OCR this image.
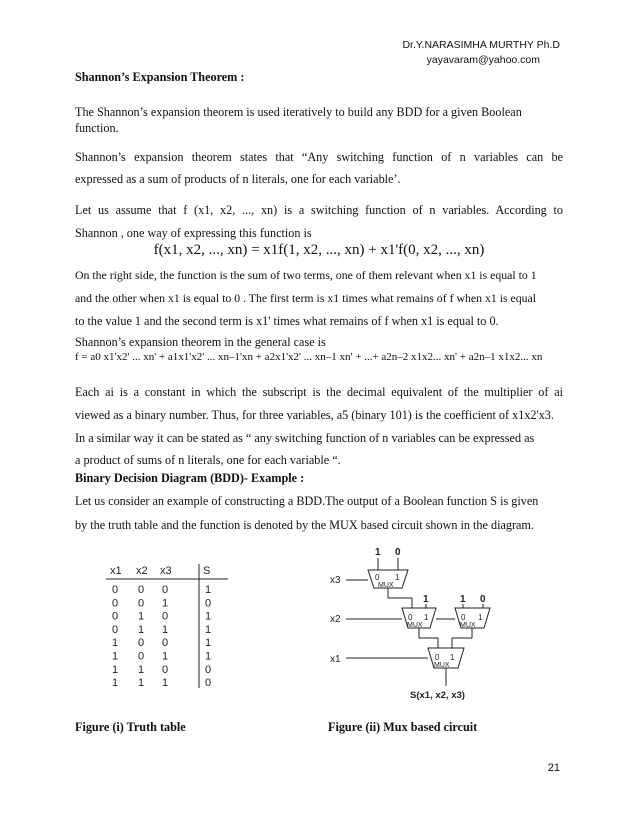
Dr.Y.NARASIMHA MURTHY Ph.D
yayavaram@yahoo.com

Shannon’s Expansion Theorem :

The Shannon’s expansion theorem is used iteratively to build any BDD for a given Boolean function.

Shannon’s expansion theorem states that “Any switching function of n variables can be

expressed as a sum of products of n literals, one for each variable’.

Let us assume that f (x1, x2, ..., xn) is a switching function of n variables. According to

Shannon , one way of expressing this function is

f(x1, x2, ..., xn) = x1f(1, x2, ..., xn) + x1'f(0, x2, ..., xn)

On the right side, the function is the sum of two terms, one of them relevant when x1 is equal to 1

and the other when x1 is equal to 0 . The first term is x1 times what remains of f when x1 is equal

to the value 1 and the second term is x1' times what remains of f when x1 is equal to 0.

Shannon’s expansion theorem in the general case is

f = a0 x1'x2' ... xn' + a1x1'x2' ... xn–1'xn + a2x1'x2' ... xn–1 xn' + ...+ a2n–2 x1x2... xn' + a2n–1 x1x2... xn

Each ai is a constant in which the subscript is the decimal equivalent of the multiplier of ai

viewed as a binary number. Thus, for three variables, a5 (binary 101) is the coefficient of x1x2'x3.

In a similar way it can be stated as “ any switching function of n variables can be expressed as

a product of sums of n literals, one for each variable “.

Binary Decision Diagram (BDD)- Example :

Let us consider an example of constructing a BDD.The output of a Boolean function S is given

by the truth table and the function is denoted by the MUX based circuit shown in the diagram.

Figure (i) Truth table	Figure (ii) Mux based circuit

x1 x2 x3	S
0 0 0	1
0 0 1	0
0 1 0	1
0 1 1	1
1 0 0	1
1 0 1	1
1 1 0	0
1 1 1	0
1 0
0 1
MUX
x3
1	1 0
0 1
MUX
0 1
MUX
x2
0 1
MUX
x1
S(x1, x2, x3)
21
